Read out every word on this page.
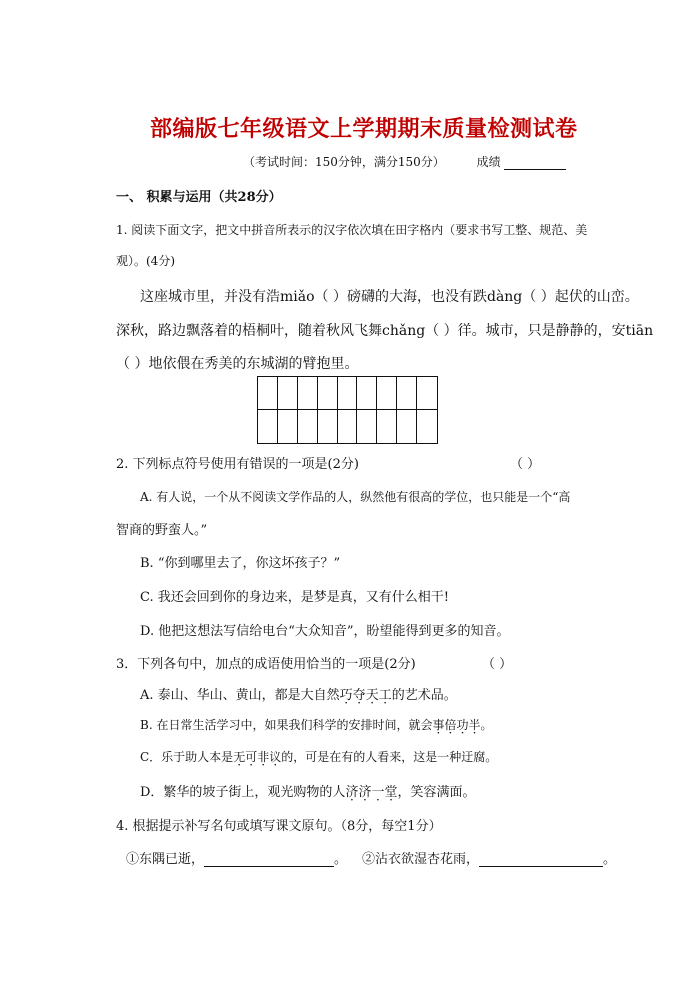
部编版七年级语文上学期期末质量检测试卷
（考试时间：150分钟，满分150分）	成绩
一、 积累与运用（共28分）
1. 阅读下面文字，把文中拼音所表示的汉字依次填在田字格内（要求书写工整、规范、美
观）。(4分)
这座城市里，并没有浩miǎo（ ）磅礴的大海，也没有跌dàng（ ）起伏的山峦。
深秋，路边飘落着的梧桐叶，随着秋风飞舞chǎng（ ）徉。城市，只是静静的，安tiān
（ ）地依偎在秀美的东城湖的臂抱里。
2. 下列标点符号使用有错误的一项是(2分)	（ ）
A. 有人说，一个从不阅读文学作品的人，纵然他有很高的学位，也只能是一个“高
智商的野蛮人。”
B. “你到哪里去了，你这坏孩子？”
C. 我还会回到你的身边来，是梦是真，又有什么相干!
D. 他把这想法写信给电台“大众知音”，盼望能得到更多的知音。
3．下列各句中，加点的成语使用恰当的一项是(2分)	（ ）
A. 泰山、华山、黄山，都是大自然巧夺天工的艺术品。
B. 在日常生活学习中，如果我们科学的安排时间，就会事倍功半。
C．乐于助人本是无可非议的，可是在有的人看来，这是一种迂腐。
D．繁华的坡子街上，观光购物的人济济一堂，笑容满面。
4. 根据提示补写名句或填写课文原句。（8分，每空1分）
①东隅已逝，	。 ②沾衣欲湿杏花雨，	。
